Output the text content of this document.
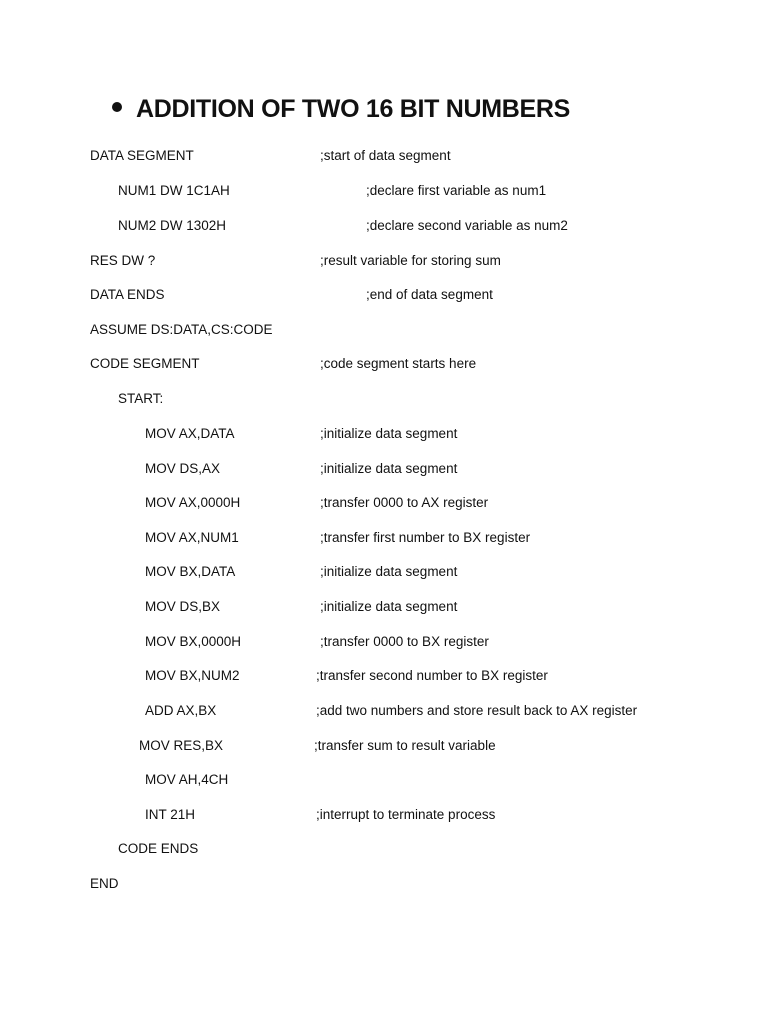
ADDITION OF TWO 16 BIT NUMBERS
DATA SEGMENT	;start of data segment
NUM1 DW 1C1AH	;declare first variable as num1
NUM2 DW 1302H	;declare second variable as num2
RES DW ?	;result variable for storing sum
DATA ENDS	;end of data segment
ASSUME DS:DATA,CS:CODE
CODE SEGMENT	;code segment starts here
START:
MOV AX,DATA	;initialize data segment
MOV DS,AX	;initialize data segment
MOV AX,0000H	;transfer 0000 to AX register
MOV AX,NUM1	;transfer first number to BX register
MOV BX,DATA	;initialize data segment
MOV DS,BX	;initialize data segment
MOV BX,0000H	;transfer 0000 to BX register
MOV BX,NUM2	;transfer second number to BX register
ADD AX,BX	;add two numbers and store result back to AX register
MOV RES,BX	;transfer sum to result variable
MOV AH,4CH
INT 21H	;interrupt to terminate process
CODE ENDS
END
